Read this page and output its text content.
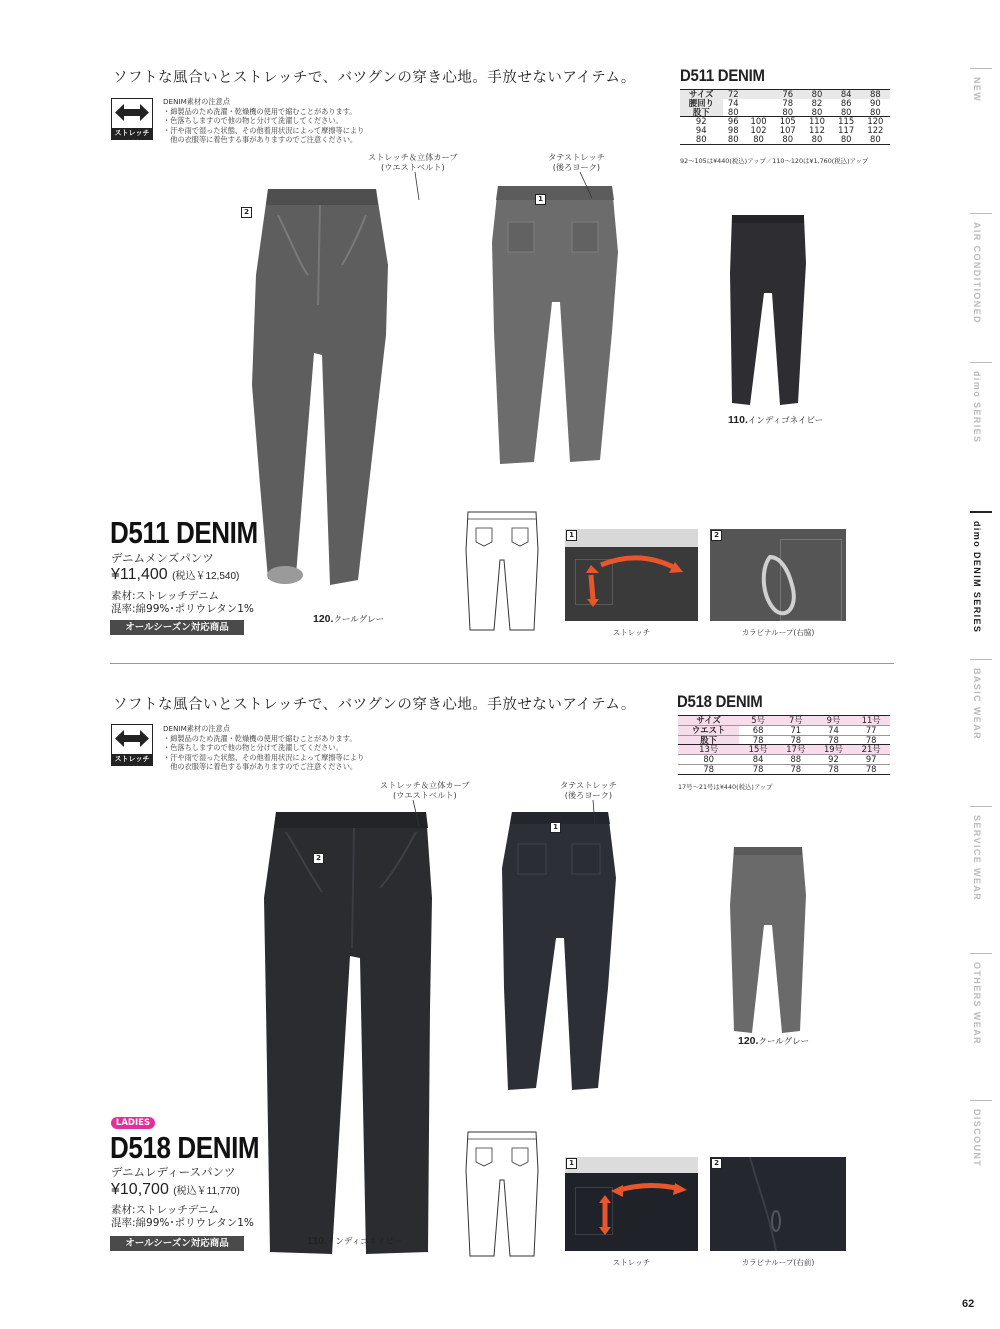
NEW
AIR CONDITIONED
dimo SERIES
dimo DENIM SERIES
BASIC WEAR
SERVICE WEAR
OTHERS WEAR
DISCOUNT
ソフトな風合いとストレッチで、バツグンの穿き心地。手放せないアイテム。
ストレッチ素材
DENIM素材の注意点
・綿製品のため洗濯・乾燥機の使用で縮むことがあります。
・色落ちしますので他の物と分けて洗濯してください。
・汗や雨で湿った状態、その他着用状況によって摩擦等により
　他の衣服等に着色する事がありますのでご注意ください。
D511 DENIM
サイズ	72		76	80	84	88
腰回り	74		78	82	86	90
股下	80		80	80	80	80
92	96	100	105	110	115	120
94	98	102	107	112	117	122
80	80	80	80	80	80	80
92〜105は¥440(税込)アップ／110〜120は¥1,760(税込)アップ
2
ストレッチ＆立体カーブ
(ウエストベルト)
1
タテストレッチ
(後ろヨーク)
110.インディゴネイビー
D511 DENIM
デニムメンズパンツ
¥11,400 (税込￥12,540)
素材:ストレッチデニム
混率:綿99%･ポリウレタン1%
オールシーズン対応商品
120.クールグレー
1
ストレッチ
2
カラビナループ(右脇)
ソフトな風合いとストレッチで、バツグンの穿き心地。手放せないアイテム。
ストレッチ素材
DENIM素材の注意点
・綿製品のため洗濯・乾燥機の使用で縮むことがあります。
・色落ちしますので他の物と分けて洗濯してください。
・汗や雨で湿った状態、その他着用状況によって摩擦等により
　他の衣服等に着色する事がありますのでご注意ください。
D518 DENIM
サイズ	5号	7号	9号	11号
ウエスト	68	71	74	77
股下	78	78	78	78
13号	15号	17号	19号	21号
80	84	88	92	97
78	78	78	78	78
17号〜21号は¥440(税込)アップ
2
ストレッチ＆立体カーブ
(ウエストベルト)
1
タテストレッチ
(後ろヨーク)
120.クールグレー
LADIES
D518 DENIM
デニムレディースパンツ
¥10,700 (税込￥11,770)
素材:ストレッチデニム
混率:綿99%･ポリウレタン1%
オールシーズン対応商品	110.インディゴネイビー
1
ストレッチ
2
カラビナループ(右前)
62
